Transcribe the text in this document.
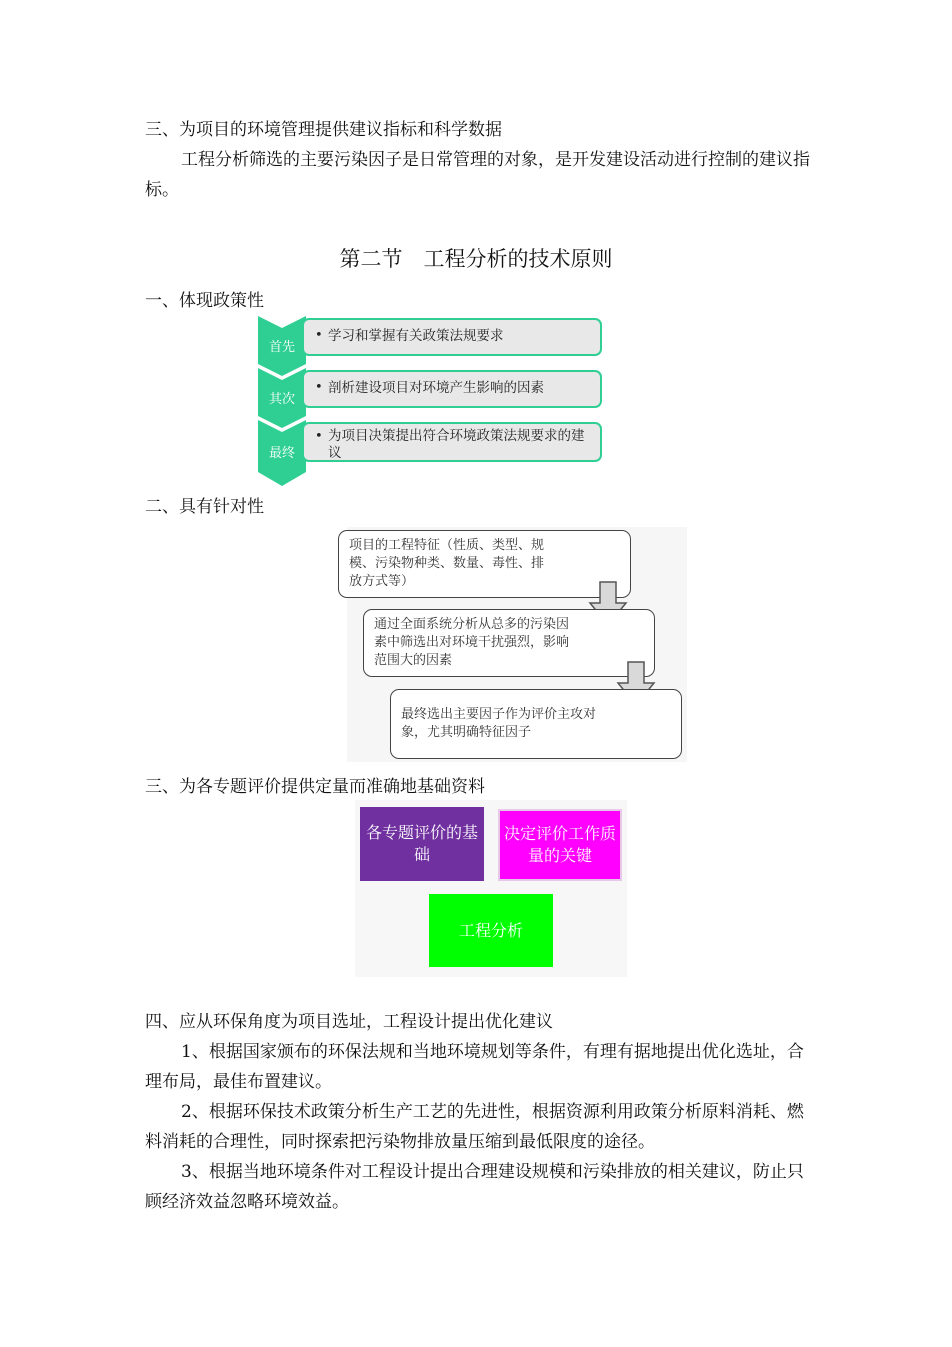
三、为项目的环境管理提供建议指标和科学数据

工程分析筛选的主要污染因子是日常管理的对象，是开发建设活动进行控制的建议指标。

第二节　工程分析的技术原则

一、体现政策性

首先
• 学习和掌握有关政策法规要求
其次
• 剖析建设项目对环境产生影响的因素
最终
• 为项目决策提出符合环境政策法规要求的建议

二、具有针对性

项目的工程特征（性质、类型、规
模、污染物种类、数量、毒性、排
放方式等）
通过全面系统分析从总多的污染因
素中筛选出对环境干扰强烈，影响
范围大的因素
最终选出主要因子作为评价主攻对
象，尤其明确特征因子

三、为各专题评价提供定量而准确地基础资料

各专题评价的基础
决定评价工作质量的关键
工程分析

四、应从环保角度为项目选址，工程设计提出优化建议

1、根据国家颁布的环保法规和当地环境规划等条件，有理有据地提出优化选址，合理布局，最佳布置建议。

2、根据环保技术政策分析生产工艺的先进性，根据资源利用政策分析原料消耗、燃料消耗的合理性，同时探索把污染物排放量压缩到最低限度的途径。

3、根据当地环境条件对工程设计提出合理建设规模和污染排放的相关建议，防止只顾经济效益忽略环境效益。
